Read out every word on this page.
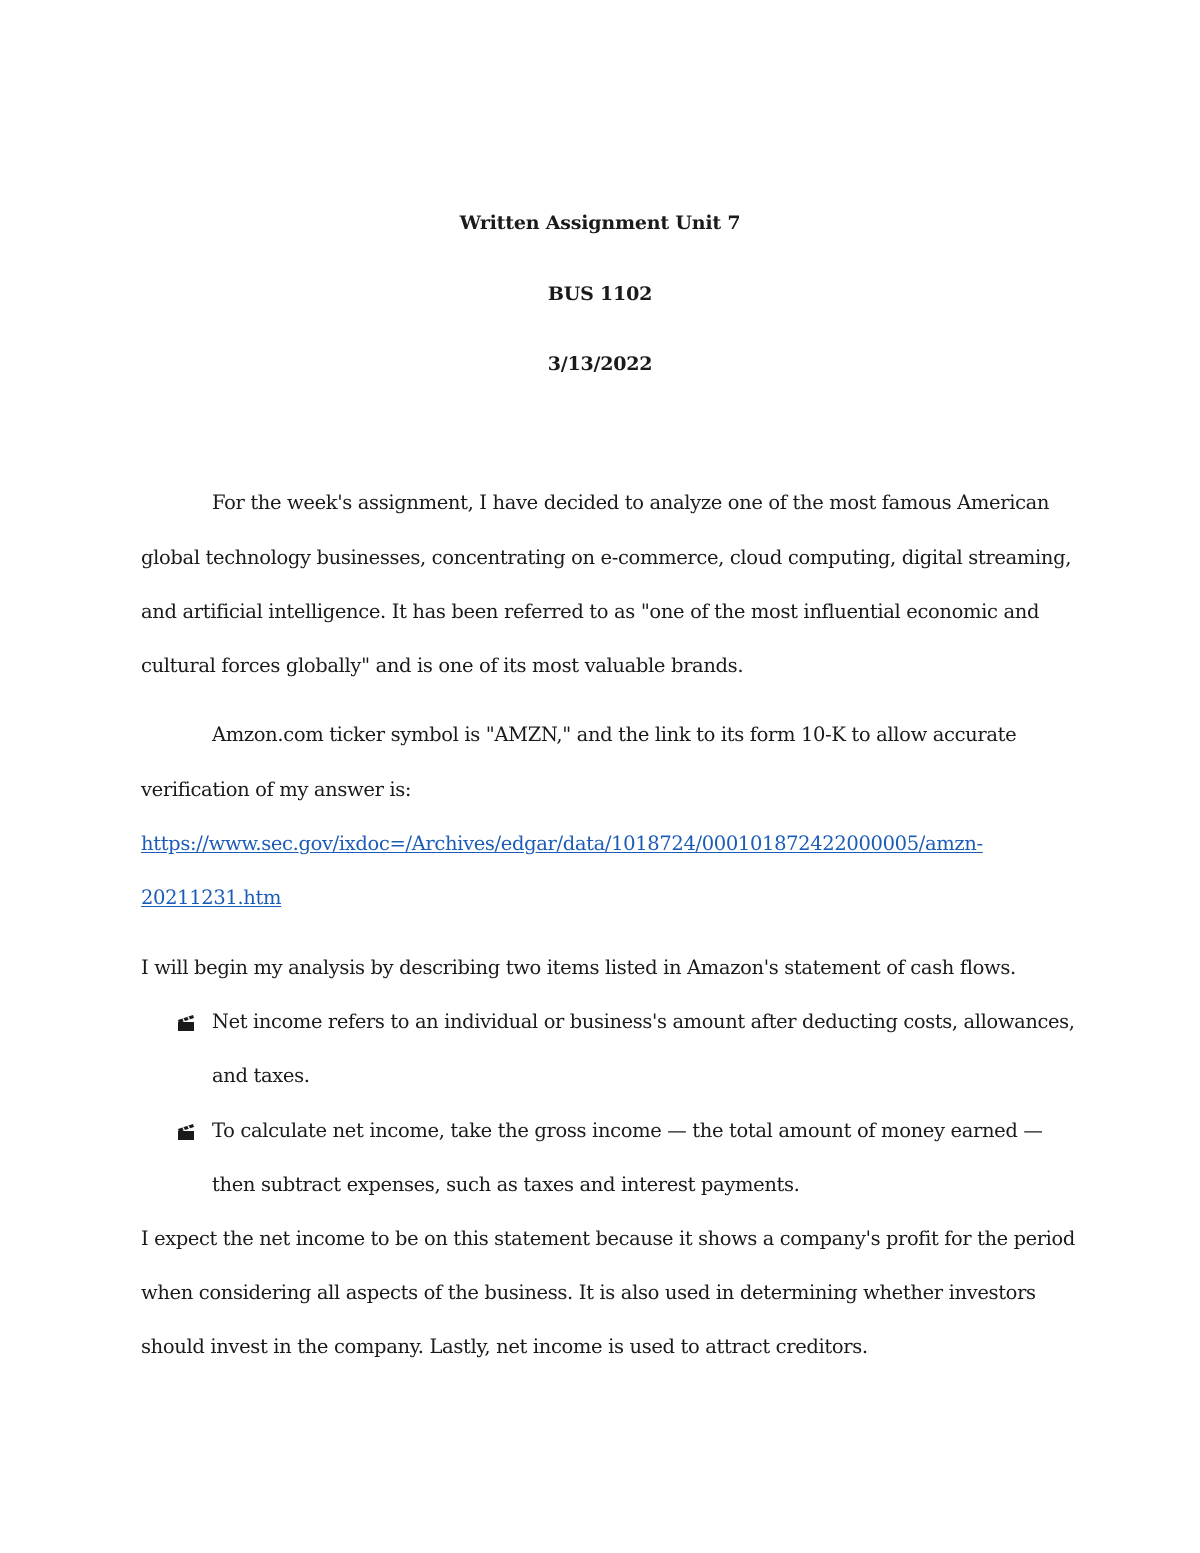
Written Assignment Unit 7
BUS 1102
3/13/2022
For the week's assignment, I have decided to analyze one of the most famous American
global technology businesses, concentrating on e-commerce, cloud computing, digital streaming,
and artificial intelligence. It has been referred to as "one of the most influential economic and
cultural forces globally" and is one of its most valuable brands.
Amzon.com ticker symbol is "AMZN," and the link to its form 10-K to allow accurate
verification of my answer is:
https://www.sec.gov/ixdoc=/Archives/edgar/data/1018724/000101872422000005/amzn-
20211231.htm
I will begin my analysis by describing two items listed in Amazon's statement of cash flows.
Net income refers to an individual or business's amount after deducting costs, allowances,
and taxes.
To calculate net income, take the gross income — the total amount of money earned —
then subtract expenses, such as taxes and interest payments.
I expect the net income to be on this statement because it shows a company's profit for the period
when considering all aspects of the business. It is also used in determining whether investors
should invest in the company. Lastly, net income is used to attract creditors.
